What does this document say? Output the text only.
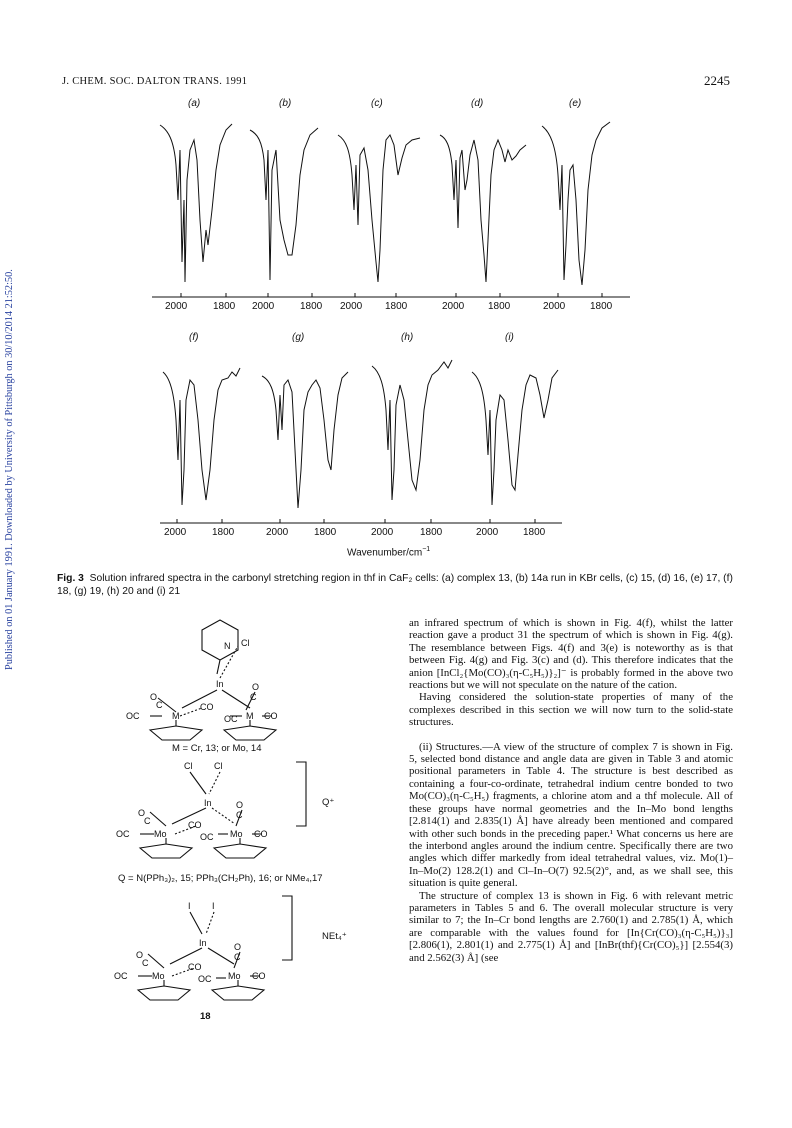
J. CHEM. SOC. DALTON TRANS. 1991	2245
Published on 01 January 1991. Downloaded by University of Pittsburgh on 30/10/2014 21:52:50.
(a)	(b)	(c)	(d)	(e)
2000	1800 2000	1800 2000 1800	2000 1800	2000 1800
(f)	(g)	(h)	(i)
2000	1800	2000	1800	2000	1800	2000 1800
Wavenumber/$cm^{-1}$
Fig. 3 Solution infrared spectra in the carbonyl stretching region in thf in CaF₂ cells: (a) complex 13, (b) 14a run in KBr cells, (c) 15, (d) 16, (e) 17, (f) 18, (g) 19, (h) 20 and (i) 21
N Cl
In
O
C
OC	M
CO
O
C
OC M CO
Cl Cl
In
O
C
OC	Mo
CO
O
C
OC Mo CO
I I
In
O
C
OC	Mo
CO
O
C
OC Mo CO
M = Cr, 13; or Mo, 14
Q⁺
Q = N(PPh₃)₂, 15; PPh₃(CH₂Ph), 16; or NMe₄,17
NEt₄⁺
18

an infrared spectrum of which is shown in Fig. 4(f), whilst the latter reaction gave a product 31 the spectrum of which is shown in Fig. 4(g). The resemblance between Figs. 4(f) and 3(e) is noteworthy as is that between Fig. 4(g) and Fig. 3(c) and (d). This therefore indicates that the anion [InCl₂{Mo(CO)₃(η-C₅H₅)}₂]⁻ is probably formed in the above two reactions but we will not speculate on the nature of the cation.

Having considered the solution-state properties of many of the complexes described in this section we will now turn to the solid-state structures.

(ii) Structures.—A view of the structure of complex 7 is shown in Fig. 5, selected bond distance and angle data are given in Table 3 and atomic positional parameters in Table 4. The structure is best described as containing a four-co-ordinate, tetrahedral indium centre bonded to two Mo(CO)₃(η-C₅H₅) fragments, a chlorine atom and a thf molecule. All of these groups have normal geometries and the In–Mo bond lengths [2.814(1) and 2.835(1) Å] have already been mentioned and compared with other such bonds in the preceding paper.¹ What concerns us here are the interbond angles around the indium centre. Specifically there are two angles which differ markedly from ideal tetrahedral values, viz. Mo(1)–In–Mo(2) 128.2(1) and Cl–In–O(7) 92.5(2)°, and, as we shall see, this situation is quite general.

The structure of complex 13 is shown in Fig. 6 with relevant metric parameters in Tables 5 and 6. The overall molecular structure is very similar to 7; the In–Cr bond lengths are 2.760(1) and 2.785(1) Å, which are comparable with the values found for [In{Cr(CO)₃(η-C₅H₅)}₃] [2.806(1), 2.801(1) and 2.775(1) Å] and [InBr(thf){Cr(CO)₅}] [2.554(3) and 2.562(3) Å] (see
